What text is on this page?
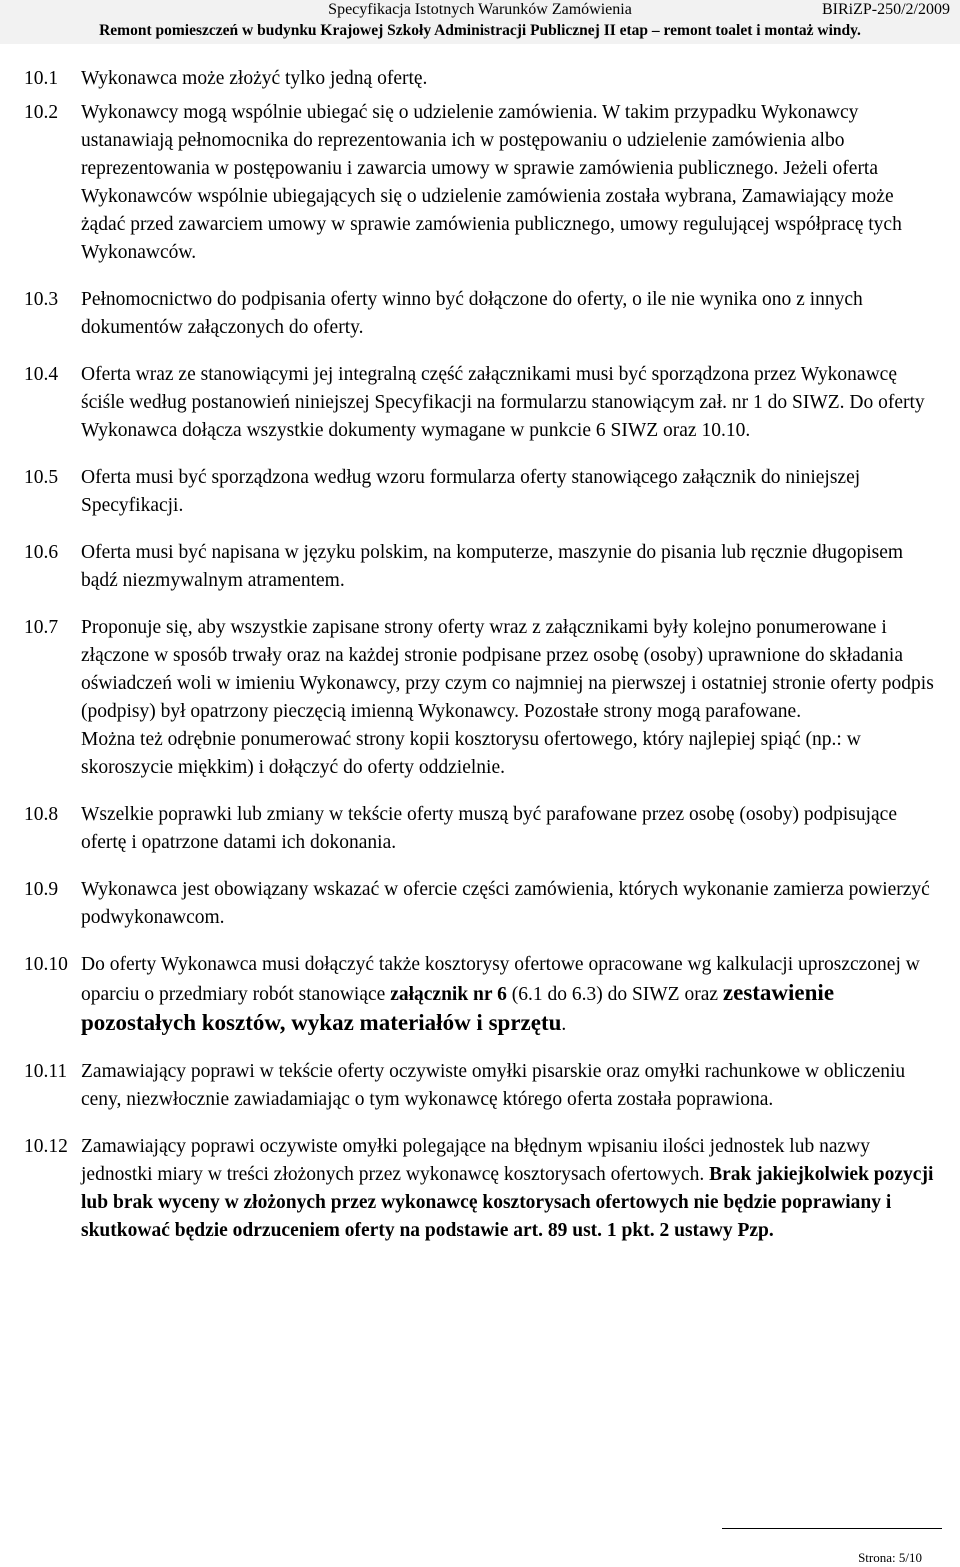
Specyfikacja Istotnych Warunków Zamówienia	BIRiZP-250/2/2009
Remont pomieszczeń w budynku Krajowej Szkoły Administracji Publicznej II etap – remont toalet i montaż windy.
10.1	Wykonawca może złożyć tylko jedną ofertę.
10.2	Wykonawcy mogą wspólnie ubiegać się o udzielenie zamówienia. W takim przypadku Wykonawcy ustanawiają pełnomocnika do reprezentowania ich w postępowaniu o udzielenie zamówienia albo reprezentowania w postępowaniu i zawarcia umowy w sprawie zamówienia publicznego. Jeżeli oferta Wykonawców wspólnie ubiegających się o udzielenie zamówienia została wybrana, Zamawiający może żądać przed zawarciem umowy w sprawie zamówienia publicznego, umowy regulującej współpracę tych Wykonawców.
10.3	Pełnomocnictwo do podpisania oferty winno być dołączone do oferty, o ile nie wynika ono z innych dokumentów załączonych do oferty.
10.4	Oferta wraz ze stanowiącymi jej integralną część załącznikami musi być sporządzona przez Wykonawcę ściśle według postanowień niniejszej Specyfikacji na formularzu stanowiącym zał. nr 1 do SIWZ. Do oferty Wykonawca dołącza wszystkie dokumenty wymagane w punkcie 6 SIWZ oraz 10.10.
10.5	Oferta musi być sporządzona według wzoru formularza oferty stanowiącego załącznik do niniejszej Specyfikacji.
10.6	Oferta musi być napisana w języku polskim, na komputerze, maszynie do pisania lub ręcznie długopisem bądź niezmywalnym atramentem.
10.7	Proponuje się, aby wszystkie zapisane strony oferty wraz z załącznikami były kolejno ponumerowane i złączone w sposób trwały oraz na każdej stronie podpisane przez osobę (osoby) uprawnione do składania oświadczeń woli w imieniu Wykonawcy, przy czym co najmniej na pierwszej i ostatniej stronie oferty podpis (podpisy) był opatrzony pieczęcią imienną Wykonawcy. Pozostałe strony mogą parafowane.
Można też odrębnie ponumerować strony kopii kosztorysu ofertowego, który najlepiej spiąć (np.: w skoroszycie miękkim) i dołączyć do oferty oddzielnie.
10.8	Wszelkie poprawki lub zmiany w tekście oferty muszą być parafowane przez osobę (osoby) podpisujące ofertę i opatrzone datami ich dokonania.
10.9	Wykonawca jest obowiązany wskazać w ofercie części zamówienia, których wykonanie zamierza powierzyć podwykonawcom.
10.10 Do oferty Wykonawca musi dołączyć także kosztorysy ofertowe opracowane wg kalkulacji uproszczonej w oparciu o przedmiary robót stanowiące załącznik nr 6 (6.1 do 6.3) do SIWZ oraz zestawienie pozostałych kosztów, wykaz materiałów i sprzętu.
10.11 Zamawiający poprawi w tekście oferty oczywiste omyłki pisarskie oraz omyłki rachunkowe w obliczeniu ceny, niezwłocznie zawiadamiając o tym wykonawcę którego oferta została poprawiona.
10.12 Zamawiający poprawi oczywiste omyłki polegające na błędnym wpisaniu ilości jednostek lub nazwy jednostki miary w treści złożonych przez wykonawcę kosztorysach ofertowych. Brak jakiejkolwiek pozycji lub brak wyceny w złożonych przez wykonawcę kosztorysach ofertowych nie będzie poprawiany i skutkować będzie odrzuceniem oferty na podstawie art. 89 ust. 1 pkt. 2 ustawy Pzp.
Strona: 5/10
